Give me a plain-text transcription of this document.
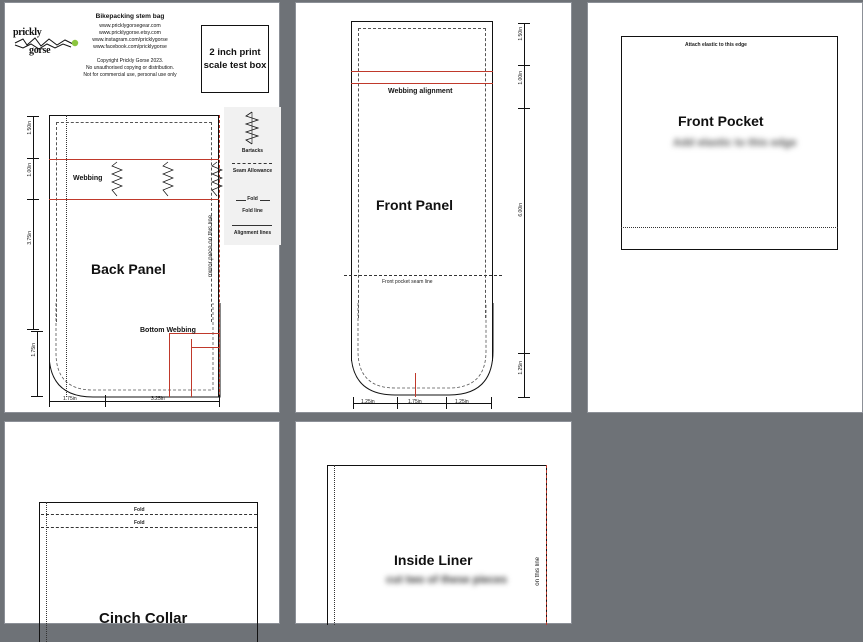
prickly
gorse
Bikepacking stem bag
www.pricklygorsegear.com
www.pricklygorse.etsy.com
www.instagram.com/pricklygorse
www.facebook.com/pricklygorse
Copyright Prickly Gorse 2023.
No unauthorised copying or distribution.
Not for commercial use, personal use only
2 inch print scale test box
Bartacks
Seam Allowance
Fold
Fold line
Alignment lines
Webbing
Bottom Webbing
Back Panel	mirror piece on this line
1.50in
1.00in
3.75in
1.75in
1.75in	3.25in
Webbing alignment
Front Panel
Front pocket seam line
1.50in
1.00in
6.00in
1.25in
1.25in	1.75in	1.25in
Attach elastic to this edge
Front Pocket
Add elastic to this edge
Fold
Fold
Cinch Collar
Inside Liner
cut two of these pieces	on this line
